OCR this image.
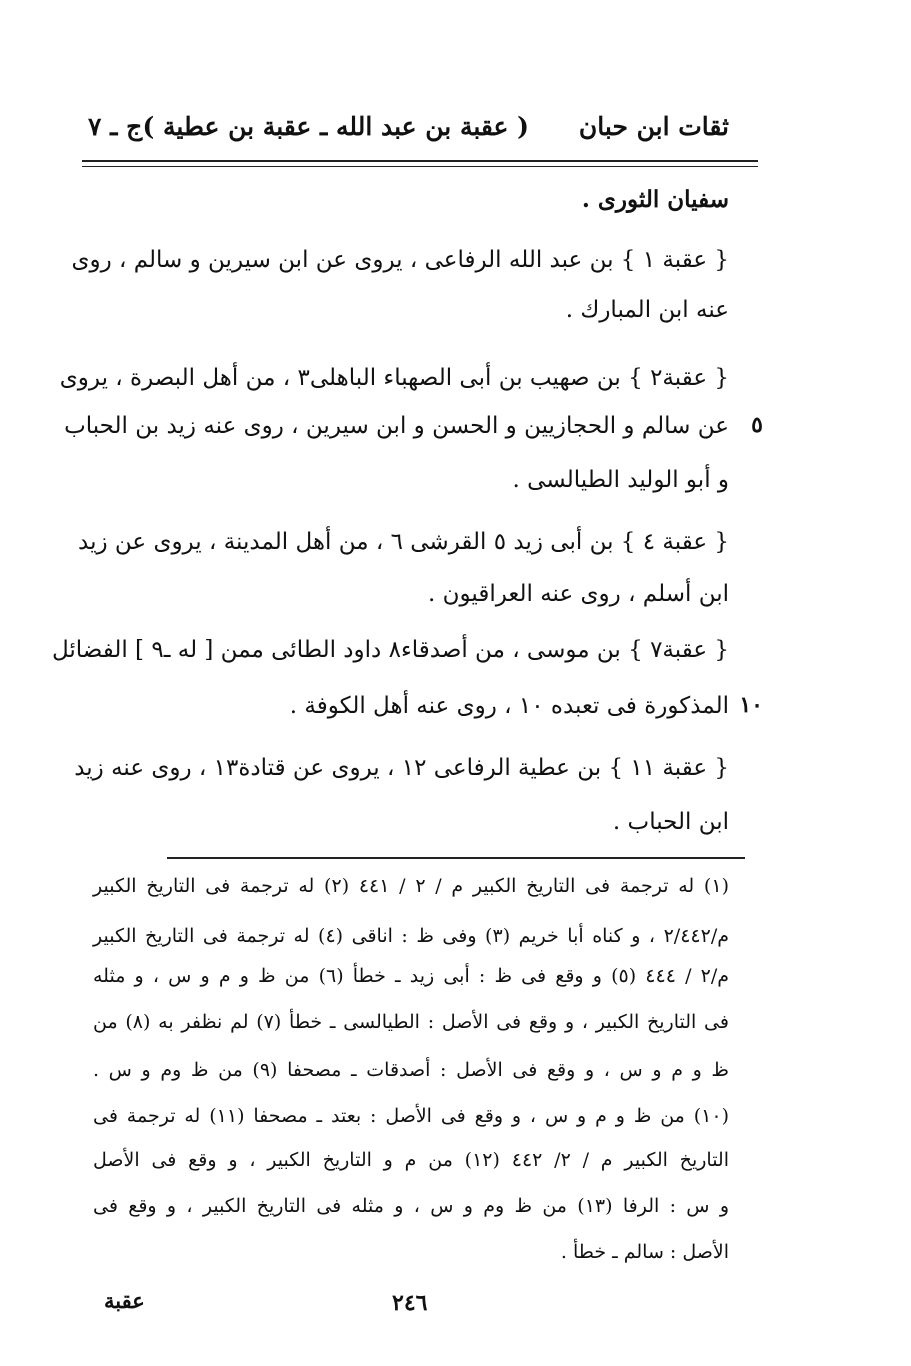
ثقات ابن حبان
( عقبة بن عبد الله ـ عقبة بن عطية )
ج ـ ٧
سفيان الثورى .
{ عقبة ١ } بن عبد الله الرفاعى ، يروى عن ابن سيرين و سالم ، روى
عنه ابن المبارك .
{ عقبة٢ } بن صهيب بن أبى الصهباء الباهلى٣ ، من أهل البصرة ، يروى
عن سالم و الحجازيين و الحسن و ابن سيرين ، روى عنه زيد بن الحباب
و أبو الوليد الطيالسى .
{ عقبة ٤ } بن أبى زيد ٥ القرشى ٦ ، من أهل المدينة ، يروى عن زيد
ابن أسلم ، روى عنه العراقيون .
{ عقبة٧ } بن موسى ، من أصدقاء٨ داود الطائى ممن [ له ـ٩ ] الفضائل
المذكورة فى تعبده ١٠ ، روى عنه أهل الكوفة .
{ عقبة ١١ } بن عطية الرفاعى ١٢ ، يروى عن قتادة١٣ ، روى عنه زيد
ابن الحباب .
٥
١٠
(١) له ترجمة فى التاريخ الكبير م / ٢ / ٤٤١ (٢) له ترجمة فى التاريخ الكبير
م/٢/٤٤٢ ، و كناه أبا خريم (٣) وفى ظ : اناقى (٤) له ترجمة فى التاريخ الكبير
م/٢ / ٤٤٤ (٥) و وقع فى ظ : أبى زيد ـ خطأ (٦) من ظ و م و س ، و مثله
فى التاريخ الكبير ، و وقع فى الأصل : الطيالسى ـ خطأ (٧) لم نظفر به (٨) من
ظ و م و س ، و وقع فى الأصل : أصدقات ـ مصحفا (٩) من ظ وم و س .
(١٠) من ظ و م و س ، و وقع فى الأصل : بعتد ـ مصحفا (١١) له ترجمة فى
التاريخ الكبير م / ٢/ ٤٤٢ (١٢) من م و التاريخ الكبير ، و وقع فى الأصل
و س : الرفا (١٣) من ظ وم و س ، و مثله فى التاريخ الكبير ، و وقع فى
الأصل : سالم ـ خطأ .
٢٤٦
عقبة
